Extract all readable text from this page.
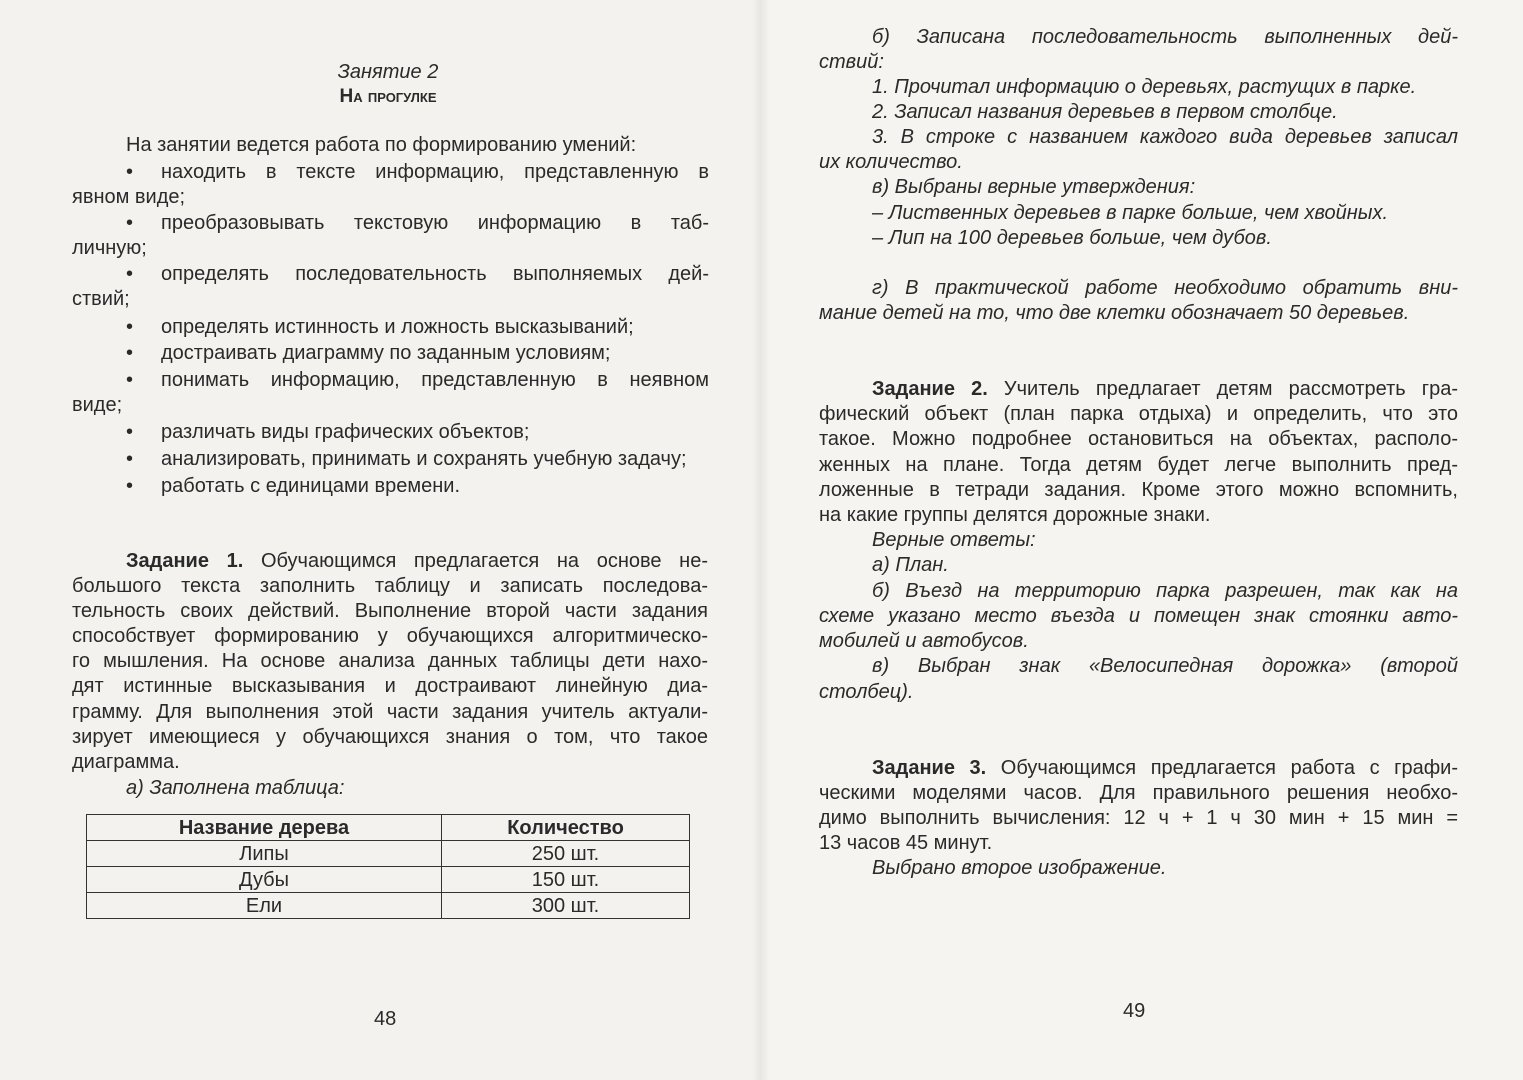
Занятие 2
На прогулке
На занятии ведется работа по формированию умений:
• находить в тексте информацию, представленную в
явном виде;
• преобразовывать текстовую информацию в таб-
личную;
• определять последовательность выполняемых дей-
ствий;
• определять истинность и ложность высказываний;
• достраивать диаграмму по заданным условиям;
• понимать информацию, представленную в неявном
виде;
• различать виды графических объектов;
• анализировать, принимать и сохранять учебную задачу;
• работать с единицами времени.
Задание 1. Обучающимся предлагается на основе не-
большого текста заполнить таблицу и записать последова-
тельность своих действий. Выполнение второй части задания
способствует формированию у обучающихся алгоритмическо-
го мышления. На основе анализа данных таблицы дети нахо-
дят истинные высказывания и достраивают линейную диа-
грамму. Для выполнения этой части задания учитель актуали-
зирует имеющиеся у обучающихся знания о том, что такое
диаграмма.
а) Заполнена таблица:
Название дерева	Количество
Липы	250 шт.
Дубы	150 шт.
Ели	300 шт.
48
б) Записана последовательность выполненных дей-
ствий:
1. Прочитал информацию о деревьях, растущих в парке.
2. Записал названия деревьев в первом столбце.
3. В строке с названием каждого вида деревьев записал
их количество.
в) Выбраны верные утверждения:
– Лиственных деревьев в парке больше, чем хвойных.
– Лип на 100 деревьев больше, чем дубов.
г) В практической работе необходимо обратить вни-
мание детей на то, что две клетки обозначает 50 деревьев.
Задание 2. Учитель предлагает детям рассмотреть гра-
фический объект (план парка отдыха) и определить, что это
такое. Можно подробнее остановиться на объектах, располо-
женных на плане. Тогда детям будет легче выполнить пред-
ложенные в тетради задания. Кроме этого можно вспомнить,
на какие группы делятся дорожные знаки.
Верные ответы:
а) План.
б) Въезд на территорию парка разрешен, так как на
схеме указано место въезда и помещен знак стоянки авто-
мобилей и автобусов.
в) Выбран знак «Велосипедная дорожка» (второй
столбец).
Задание 3. Обучающимся предлагается работа с графи-
ческими моделями часов. Для правильного решения необхо-
димо выполнить вычисления: 12 ч + 1 ч 30 мин + 15 мин =
13 часов 45 минут.
Выбрано второе изображение.
49
